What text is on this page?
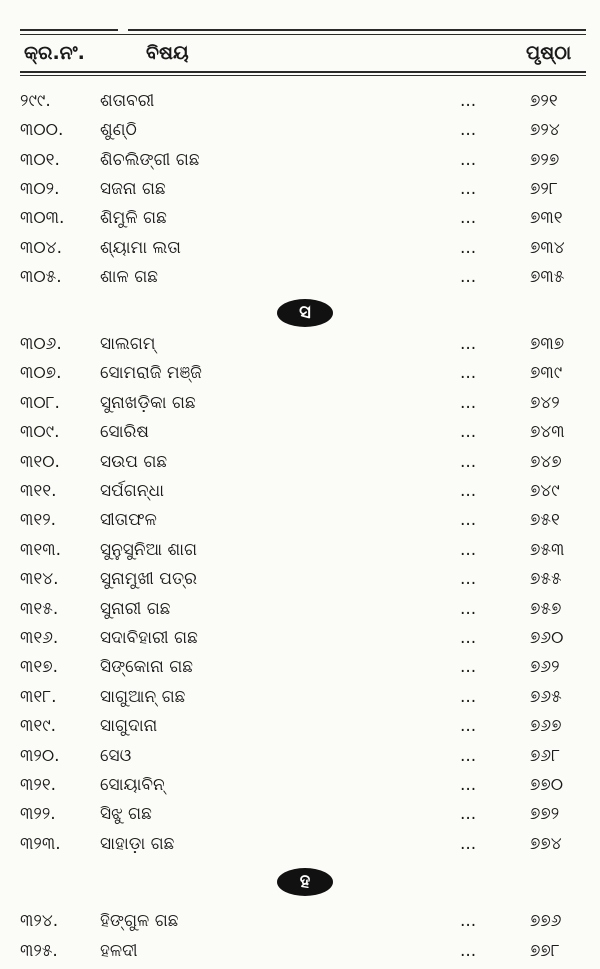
କ୍ର.ନଂ.	ବିଷୟ	ପୃଷ୍ଠା
୨୯୯.	ଶତାବରୀ	...	୭୨୧
୩୦୦.	ଶୁଣ୍ଠି	...	୭୨୪
୩୦୧.	ଶିଚଲିଙ୍ଗୀ ଗଛ	...	୭୨୭
୩୦୨.	ସଜନା ଗଛ	...	୭୨୮
୩୦୩.	ଶିମୁଳି ଗଛ	...	୭୩୧
୩୦୪.	ଶ୍ୟାମା ଲତା	...	୭୩୪
୩୦୫.	ଶାଳ ଗଛ	...	୭୩୫
ସ
୩୦୬.	ସାଲଗମ୍	...	୭୩୭
୩୦୭.	ସୋମରାଜି ମଞ୍ଜି	...	୭୩୯
୩୦୮.	ସୁନାଖଡ଼ିକା ଗଛ	...	୭୪୨
୩୦୯.	ସୋରିଷ	...	୭୪୩
୩୧୦.	ସଉପ ଗଛ	...	୭୪୭
୩୧୧.	ସର୍ପଗନ୍ଧା	...	୭୪୯
୩୧୨.	ସୀତାଫଳ	...	୭୫୧
୩୧୩.	ସୁନୁସୁନିଆ ଶାଗ	...	୭୫୩
୩୧୪.	ସୁନାମୁଖୀ ପତ୍ର	...	୭୫୫
୩୧୫.	ସୁନାରୀ ଗଛ	...	୭୫୭
୩୧୬.	ସଦାବିହାରୀ ଗଛ	...	୭୬୦
୩୧୭.	ସିଙ୍କୋନା ଗଛ	...	୭୬୨
୩୧୮.	ସାଗୁଆନ୍ ଗଛ	...	୭୬୫
୩୧୯.	ସାଗୁଦାନା	...	୭୬୭
୩୨୦.	ସେଓ	...	୭୬୮
୩୨୧.	ସୋୟାବିନ୍	...	୭୭୦
୩୨୨.	ସିଝୁ ଗଛ	...	୭୭୨
୩୨୩.	ସାହାଡ଼ା ଗଛ	...	୭୭୪
ହ
୩୨୪.	ହିଙ୍ଗୁଳ ଗଛ	...	୭୭୬
୩୨୫.	ହଳଦୀ	...	୭୭୮
